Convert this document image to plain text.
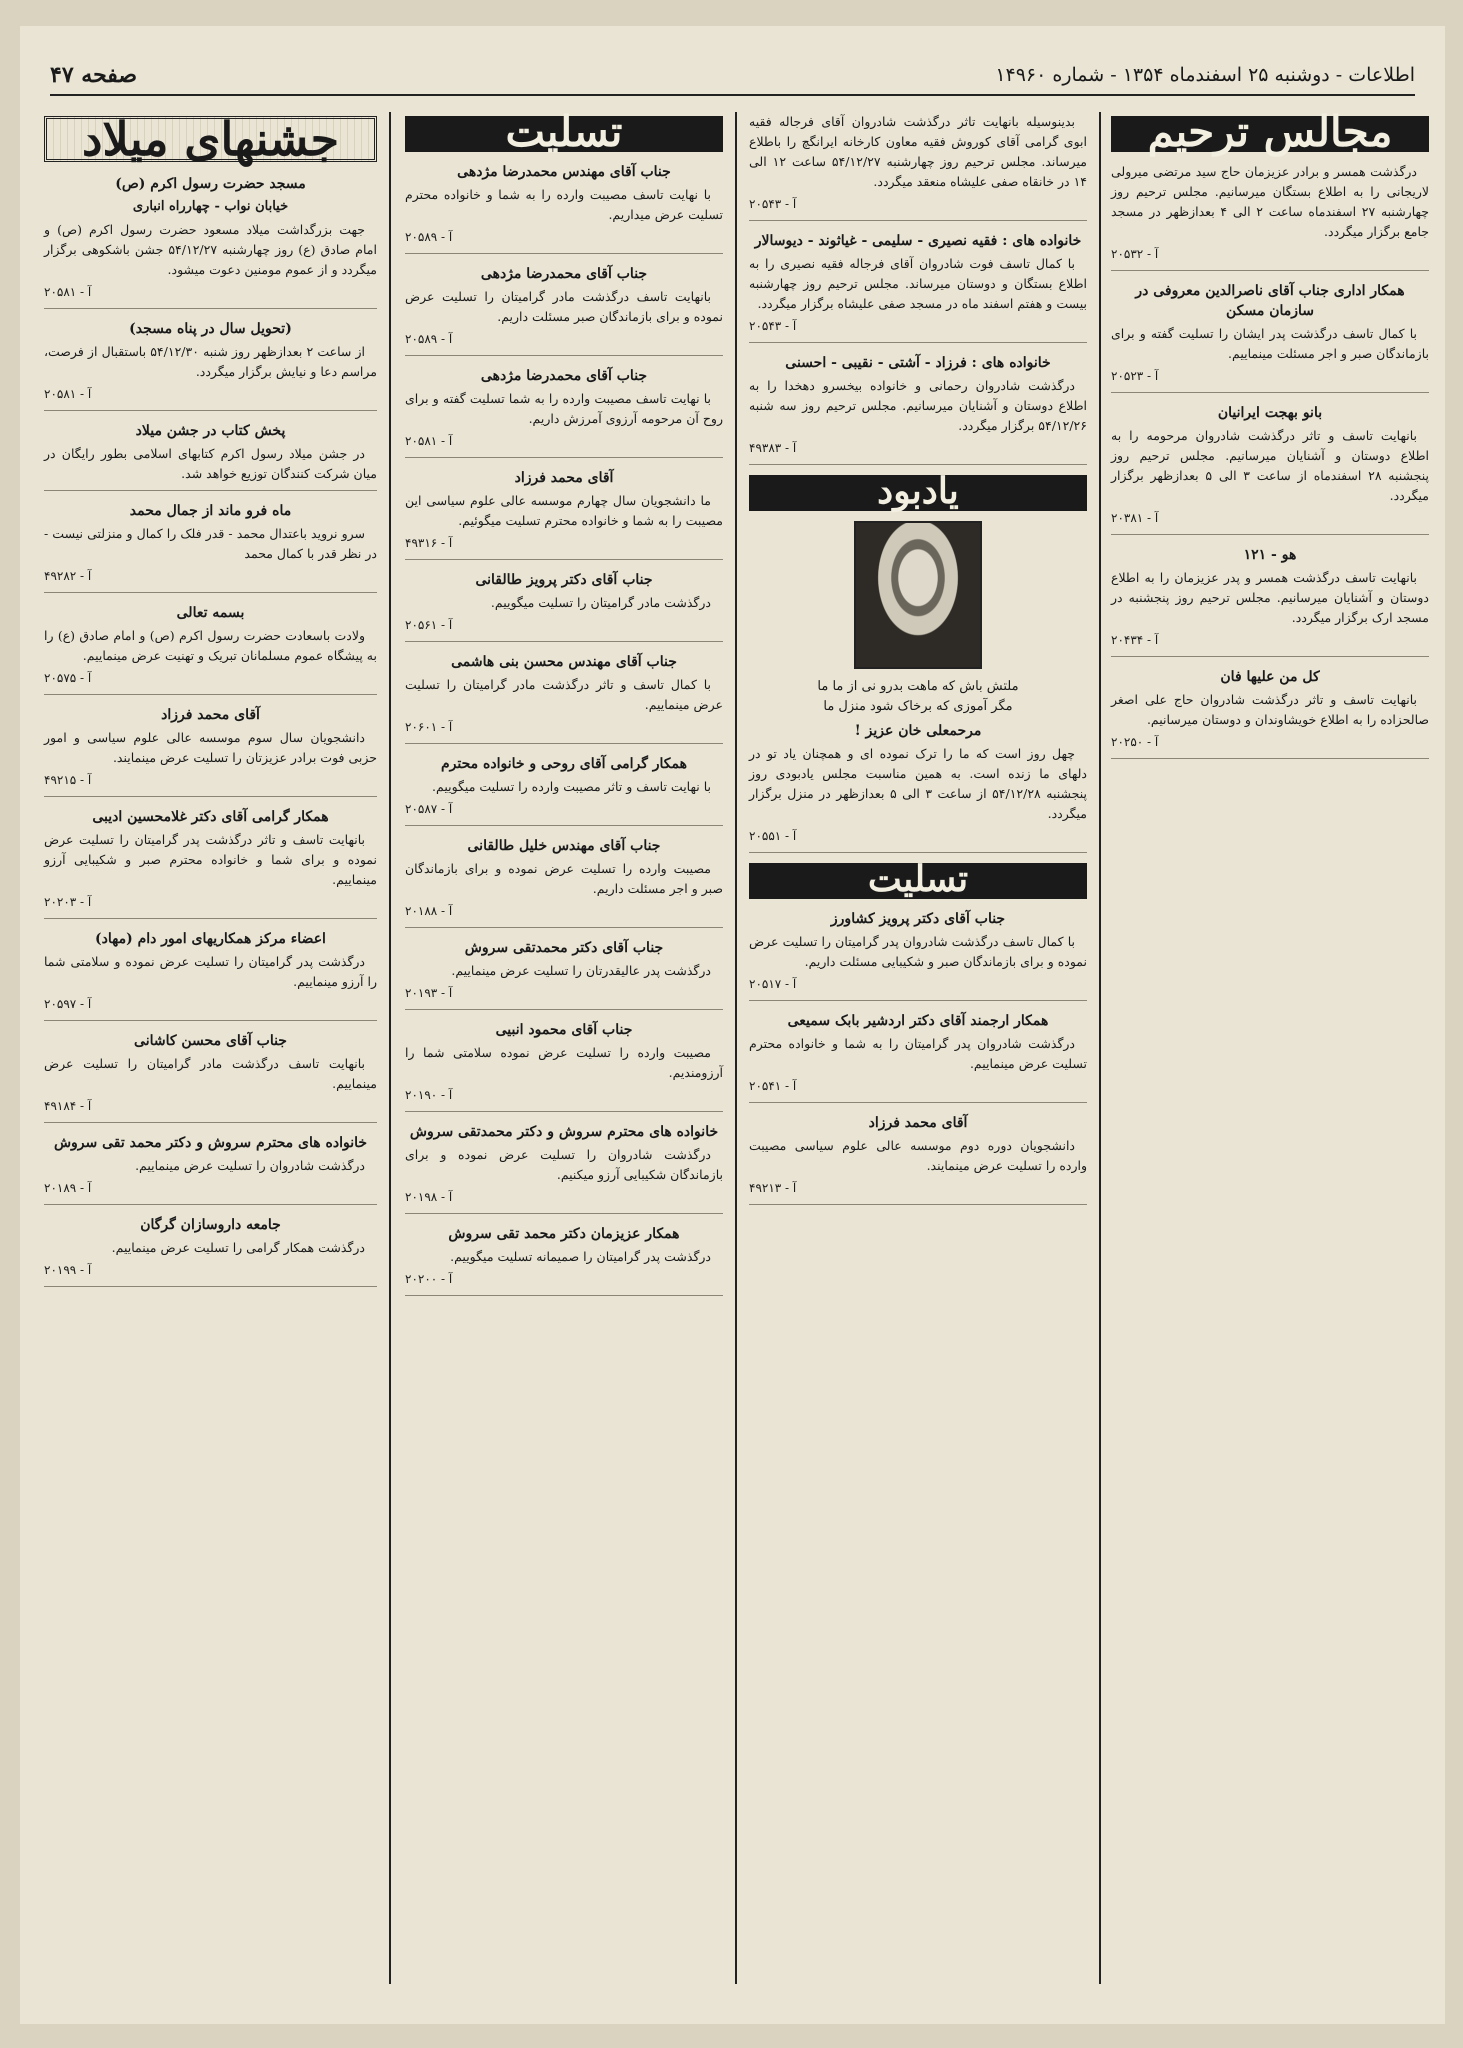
اطلاعات - دوشنبه ۲۵ اسفندماه ۱۳۵۴ - شماره ۱۴۹۶۰
صفحه ۴۷
مجالس ترحیم

درگذشت همسر و برادر عزیزمان حاج سید مرتضی میرولی لاریجانی را به اطلاع بستگان میرسانیم. مجلس ترحیم روز چهارشنبه ۲۷ اسفندماه ساعت ۲ الی ۴ بعدازظهر در مسجد جامع برگزار میگردد.

آ - ۲۰۵۳۲
همکار اداری جناب آقای ناصرالدین معروفی در سازمان مسکن

با کمال تاسف درگذشت پدر ایشان را تسلیت گفته و برای بازماندگان صبر و اجر مسئلت مینماییم.

آ - ۲۰۵۲۳
بانو بهجت ایرانیان

بانهایت تاسف و تاثر درگذشت شادروان مرحومه را به اطلاع دوستان و آشنایان میرسانیم. مجلس ترحیم روز پنجشنبه ۲۸ اسفندماه از ساعت ۳ الی ۵ بعدازظهر برگزار میگردد.

آ - ۲۰۳۸۱
هو - ۱۲۱

بانهایت تاسف درگذشت همسر و پدر عزیزمان را به اطلاع دوستان و آشنایان میرسانیم. مجلس ترحیم روز پنجشنبه در مسجد ارک برگزار میگردد.

آ - ۲۰۴۳۴
کل من علیها فان

بانهایت تاسف و تاثر درگذشت شادروان حاج علی اصغر صالحزاده را به اطلاع خویشاوندان و دوستان میرسانیم.

آ - ۲۰۲۵۰

بدینوسیله بانهایت تاثر درگذشت شادروان آقای فرجاله فقیه ابوی گرامی آقای کوروش فقیه معاون کارخانه ایرانگچ را باطلاع میرساند. مجلس ترحیم روز چهارشنبه ۵۴/۱۲/۲۷ ساعت ۱۲ الی ۱۴ در خانقاه صفی علیشاه منعقد میگردد.

آ - ۲۰۵۴۳
خانواده های : فقیه نصیری - سلیمی - غیاثوند - دیوسالار

با کمال تاسف فوت شادروان آقای فرجاله فقیه نصیری را به اطلاع بستگان و دوستان میرساند. مجلس ترحیم روز چهارشنبه بیست و هفتم اسفند ماه در مسجد صفی علیشاه برگزار میگردد.

آ - ۲۰۵۴۳
خانواده های : فرزاد - آشتی - نقیبی - احسنی

درگذشت شادروان رحمانی و خانواده بیخسرو دهخدا را به اطلاع دوستان و آشنایان میرسانیم. مجلس ترحیم روز سه شنبه ۵۴/۱۲/۲۶ برگزار میگردد.

آ - ۴۹۳۸۳
یادبود
ملتش باش که ماهت بدرو نی از ما ما
مگر آموزی که برخاک شود منزل ما
مرحمعلی خان عزیز !

چهل روز است که ما را ترک نموده ای و همچنان یاد تو در دلهای ما زنده است. به همین مناسبت مجلس یادبودی روز پنجشنبه ۵۴/۱۲/۲۸ از ساعت ۳ الی ۵ بعدازظهر در منزل برگزار میگردد.

آ - ۲۰۵۵۱
تسلیت
جناب آقای دکتر پرویز کشاورز

با کمال تاسف درگذشت شادروان پدر گرامیتان را تسلیت عرض نموده و برای بازماندگان صبر و شکیبایی مسئلت داریم.

آ - ۲۰۵۱۷
همکار ارجمند آقای دکتر اردشیر بابک سمیعی

درگذشت شادروان پدر گرامیتان را به شما و خانواده محترم تسلیت عرض مینماییم.

آ - ۲۰۵۴۱
آقای محمد فرزاد

دانشجویان دوره دوم موسسه عالی علوم سیاسی مصیبت وارده را تسلیت عرض مینمایند.

آ - ۴۹۲۱۳
تسلیت
جناب آقای مهندس محمدرضا مژدهی

با نهایت تاسف مصیبت وارده را به شما و خانواده محترم تسلیت عرض میداریم.

آ - ۲۰۵۸۹
جناب آقای محمدرضا مژدهی

بانهایت تاسف درگذشت مادر گرامیتان را تسلیت عرض نموده و برای بازماندگان صبر مسئلت داریم.

آ - ۲۰۵۸۹
جناب آقای محمدرضا مژدهی

با نهایت تاسف مصیبت وارده را به شما تسلیت گفته و برای روح آن مرحومه آرزوی آمرزش داریم.

آ - ۲۰۵۸۱
آقای محمد فرزاد

ما دانشجویان سال چهارم موسسه عالی علوم سیاسی این مصیبت را به شما و خانواده محترم تسلیت میگوئیم.

آ - ۴۹۳۱۶
جناب آقای دکتر پرویز طالقانی

درگذشت مادر گرامیتان را تسلیت میگوییم.

آ - ۲۰۵۶۱
جناب آقای مهندس محسن بنی هاشمی

با کمال تاسف و تاثر درگذشت مادر گرامیتان را تسلیت عرض مینماییم.

آ - ۲۰۶۰۱
همکار گرامی آقای روحی و خانواده محترم

با نهایت تاسف و تاثر مصیبت وارده را تسلیت میگوییم.

آ - ۲۰۵۸۷
جناب آقای مهندس خلیل طالقانی

مصیبت وارده را تسلیت عرض نموده و برای بازماندگان صبر و اجر مسئلت داریم.

آ - ۲۰۱۸۸
جناب آقای دکتر محمدتقی سروش

درگذشت پدر عالیقدرتان را تسلیت عرض مینماییم.

آ - ۲۰۱۹۳
جناب آقای محمود انبیی

مصیبت وارده را تسلیت عرض نموده سلامتی شما را آرزومندیم.

آ - ۲۰۱۹۰
خانواده های محترم سروش و دکتر محمدتقی سروش

درگذشت شادروان را تسلیت عرض نموده و برای بازماندگان شکیبایی آرزو میکنیم.

آ - ۲۰۱۹۸
همکار عزیزمان دکتر محمد تقی سروش

درگذشت پدر گرامیتان را صمیمانه تسلیت میگوییم.

آ - ۲۰۲۰۰
جشنهای میلاد
مسجد حضرت رسول اکرم (ص)
خیابان نواب - چهارراه انباری

جهت بزرگداشت میلاد مسعود حضرت رسول اکرم (ص) و امام صادق (ع) روز چهارشنبه ۵۴/۱۲/۲۷ جشن باشکوهی برگزار میگردد و از عموم مومنین دعوت میشود.

آ - ۲۰۵۸۱
(تحویل سال در پناه مسجد)

از ساعت ۲ بعدازظهر روز شنبه ۵۴/۱۲/۳۰ باستقبال از فرصت، مراسم دعا و نیایش برگزار میگردد.

آ - ۲۰۵۸۱
پخش کتاب در جشن میلاد

در جشن میلاد رسول اکرم کتابهای اسلامی بطور رایگان در میان شرکت کنندگان توزیع خواهد شد.

ماه فرو ماند از جمال محمد

سرو نروید باعتدال محمد - قدر فلک را کمال و منزلتی نیست - در نظر قدر با کمال محمد

آ - ۴۹۲۸۲
بسمه تعالی

ولادت باسعادت حضرت رسول اکرم (ص) و امام صادق (ع) را به پیشگاه عموم مسلمانان تبریک و تهنیت عرض مینماییم.

آ - ۲۰۵۷۵
آقای محمد فرزاد

دانشجویان سال سوم موسسه عالی علوم سیاسی و امور حزبی فوت برادر عزیزتان را تسلیت عرض مینمایند.

آ - ۴۹۲۱۵
همکار گرامی آقای دکتر غلامحسین ادیبی

بانهایت تاسف و تاثر درگذشت پدر گرامیتان را تسلیت عرض نموده و برای شما و خانواده محترم صبر و شکیبایی آرزو مینماییم.

آ - ۲۰۲۰۳
اعضاء مرکز همکاریهای امور دام (مهاد)

درگذشت پدر گرامیتان را تسلیت عرض نموده و سلامتی شما را آرزو مینماییم.

آ - ۲۰۵۹۷
جناب آقای محسن کاشانی

بانهایت تاسف درگذشت مادر گرامیتان را تسلیت عرض مینماییم.

آ - ۴۹۱۸۴
خانواده های محترم سروش و دکتر محمد تقی سروش

درگذشت شادروان را تسلیت عرض مینماییم.

آ - ۲۰۱۸۹
جامعه داروسازان گرگان

درگذشت همکار گرامی را تسلیت عرض مینماییم.

آ - ۲۰۱۹۹
